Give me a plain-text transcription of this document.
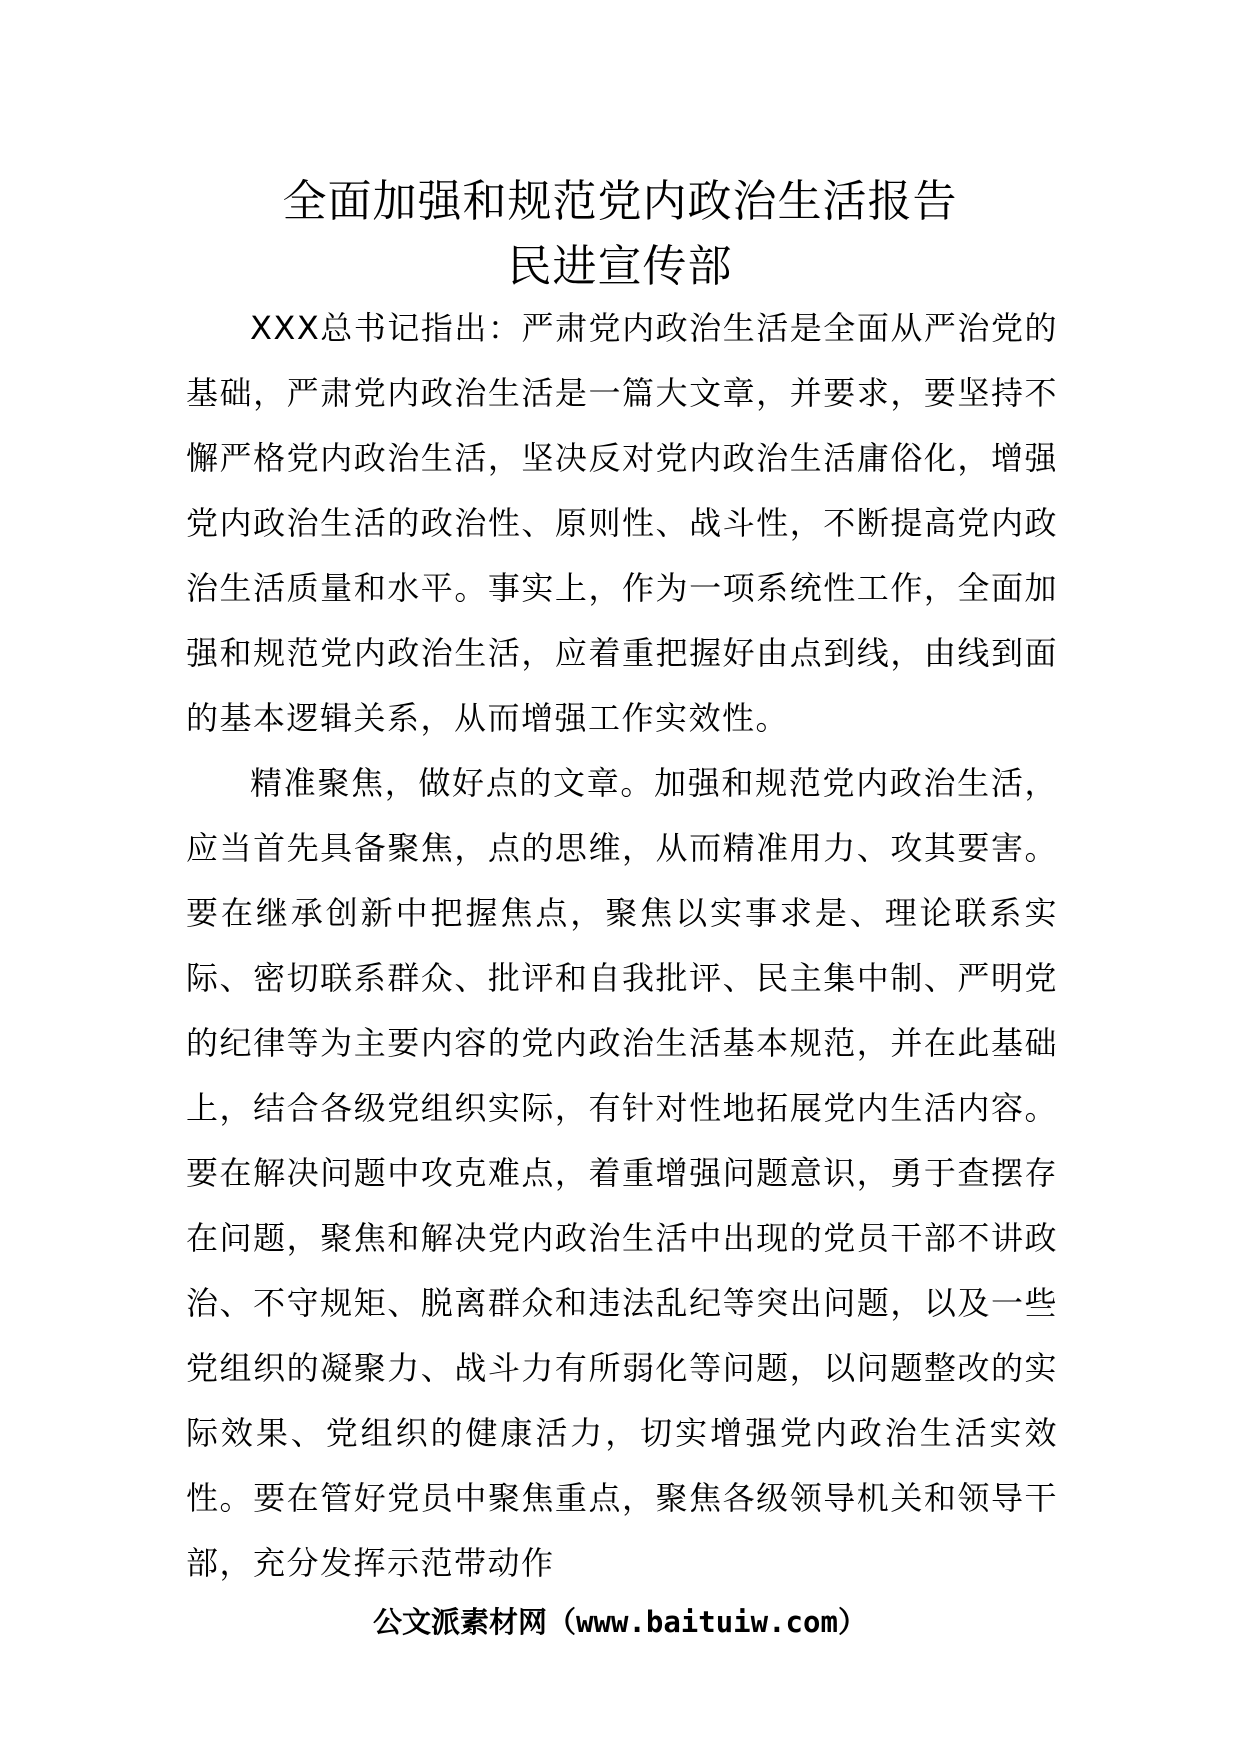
全面加强和规范党内政治生活报告
民进宣传部

XXX总书记指出：严肃党内政治生活是全面从严治党的基础，严肃党内政治生活是一篇大文章，并要求，要坚持不懈严格党内政治生活，坚决反对党内政治生活庸俗化，增强党内政治生活的政治性、原则性、战斗性，不断提高党内政治生活质量和水平。事实上，作为一项系统性工作，全面加强和规范党内政治生活，应着重把握好由点到线，由线到面的基本逻辑关系，从而增强工作实效性。

精准聚焦，做好点的文章。加强和规范党内政治生活，应当首先具备聚焦，点的思维，从而精准用力、攻其要害。要在继承创新中把握焦点，聚焦以实事求是、理论联系实际、密切联系群众、批评和自我批评、民主集中制、严明党的纪律等为主要内容的党内政治生活基本规范，并在此基础上，结合各级党组织实际，有针对性地拓展党内生活内容。要在解决问题中攻克难点，着重增强问题意识，勇于查摆存在问题，聚焦和解决党内政治生活中出现的党员干部不讲政治、不守规矩、脱离群众和违法乱纪等突出问题，以及一些党组织的凝聚力、战斗力有所弱化等问题，以问题整改的实际效果、党组织的健康活力，切实增强党内政治生活实效性。要在管好党员中聚焦重点，聚焦各级领导机关和领导干部，充分发挥示范带动作

公文派素材网（www.baituiw.com）
